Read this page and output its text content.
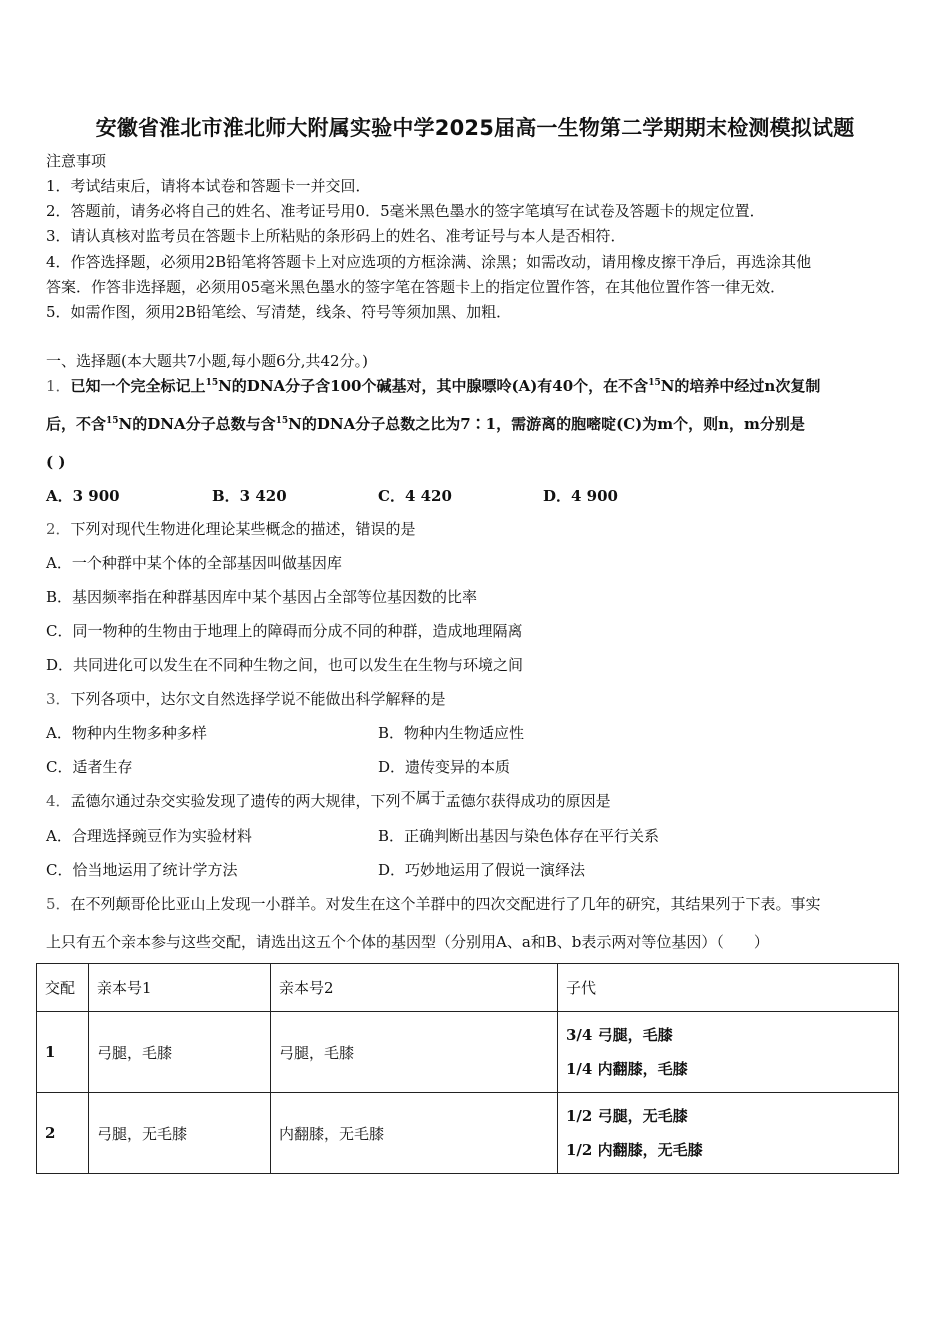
安徽省淮北市淮北师大附属实验中学2025届高一生物第二学期期末检测模拟试题
注意事项
1．考试结束后，请将本试卷和答题卡一并交回．
2．答题前，请务必将自己的姓名、准考证号用0．5毫米黑色墨水的签字笔填写在试卷及答题卡的规定位置．
3．请认真核对监考员在答题卡上所粘贴的条形码上的姓名、准考证号与本人是否相符．
4．作答选择题，必须用2B铅笔将答题卡上对应选项的方框涂满、涂黑；如需改动，请用橡皮擦干净后，再选涂其他
答案．作答非选择题，必须用05毫米黑色墨水的签字笔在答题卡上的指定位置作答，在其他位置作答一律无效．
5．如需作图，须用2B铅笔绘、写清楚，线条、符号等须加黑、加粗．
一、选择题(本大题共7小题,每小题6分,共42分。)
1．已知一个完全标记上$^{15}$N的DNA分子含100个碱基对，其中腺嘌呤(A)有40个，在不含$^{15}$N的培养中经过n次复制
后，不含$^{15}$N的DNA分子总数与含$^{15}$N的DNA分子总数之比为7∶1，需游离的胞嘧啶(C)为m个，则n，m分别是
( )
A．3 900	B．3 420	C．4 420	D．4 900
2．下列对现代生物进化理论某些概念的描述，错误的是
A．一个种群中某个体的全部基因叫做基因库
B．基因频率指在种群基因库中某个基因占全部等位基因数的比率
C．同一物种的生物由于地理上的障碍而分成不同的种群，造成地理隔离
D．共同进化可以发生在不同种生物之间，也可以发生在生物与环境之间
3．下列各项中，达尔文自然选择学说不能做出科学解释的是
A．物种内生物多种多样	B．物种内生物适应性
C．适者生存	D．遗传变异的本质
4．孟德尔通过杂交实验发现了遗传的两大规律，下列不属于孟德尔获得成功的原因是
A．合理选择豌豆作为实验材料	B．正确判断出基因与染色体存在平行关系
C．恰当地运用了统计学方法	D．巧妙地运用了假说一演绎法
5．在不列颠哥伦比亚山上发现一小群羊。对发生在这个羊群中的四次交配进行了几年的研究，其结果列于下表。事实
上只有五个亲本参与这些交配，请选出这五个个体的基因型（分别用A、a和B、b表示两对等位基因）（　　）
交配	亲本号1	亲本号2	子代
1	弓腿，毛膝	弓腿，毛膝	3/4 弓腿，毛膝
1/4 内翻膝，毛膝

2	弓腿，无毛膝	内翻膝，无毛膝	1/2 弓腿，无毛膝
1/2 内翻膝，无毛膝
